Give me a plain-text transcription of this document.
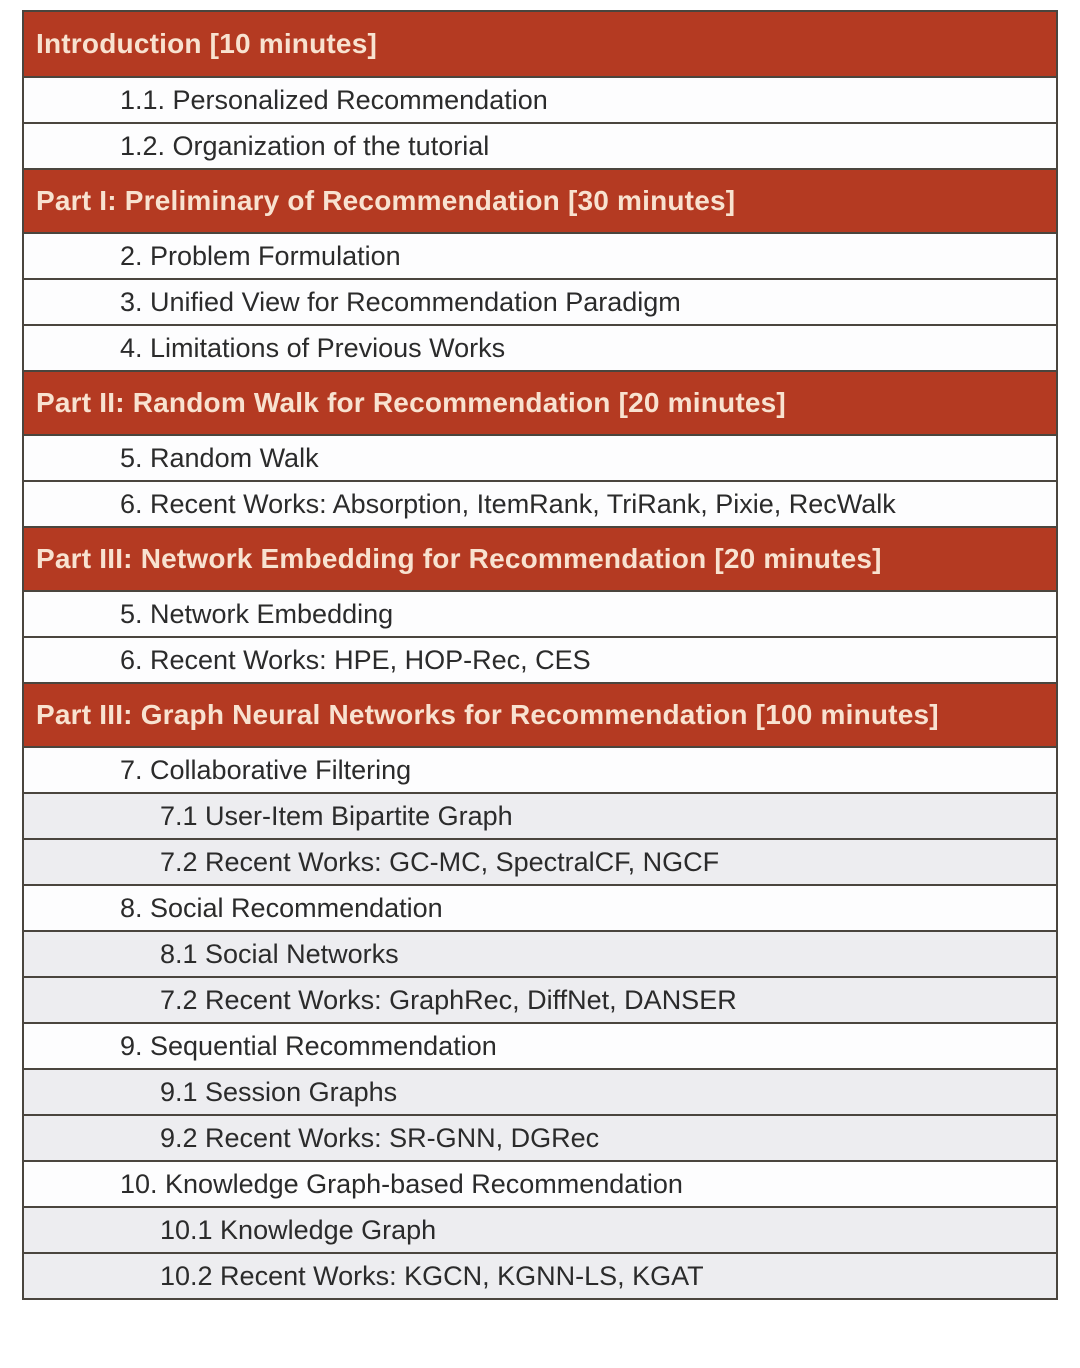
Introduction [10 minutes]
1.1. Personalized Recommendation
1.2. Organization of the tutorial
Part I: Preliminary of Recommendation [30 minutes]
2. Problem Formulation
3. Unified View for Recommendation Paradigm
4. Limitations of Previous Works
Part II: Random Walk for Recommendation [20 minutes]
5. Random Walk
6. Recent Works: Absorption, ItemRank, TriRank, Pixie, RecWalk
Part III: Network Embedding for Recommendation [20 minutes]
5. Network Embedding
6. Recent Works: HPE, HOP-Rec, CES
Part III: Graph Neural Networks for Recommendation [100 minutes]
7. Collaborative Filtering
7.1 User-Item Bipartite Graph
7.2 Recent Works: GC-MC, SpectralCF, NGCF
8. Social Recommendation
8.1 Social Networks
7.2 Recent Works: GraphRec, DiffNet, DANSER
9. Sequential Recommendation
9.1 Session Graphs
9.2 Recent Works: SR-GNN, DGRec
10. Knowledge Graph-based Recommendation
10.1 Knowledge Graph
10.2 Recent Works: KGCN, KGNN-LS, KGAT
